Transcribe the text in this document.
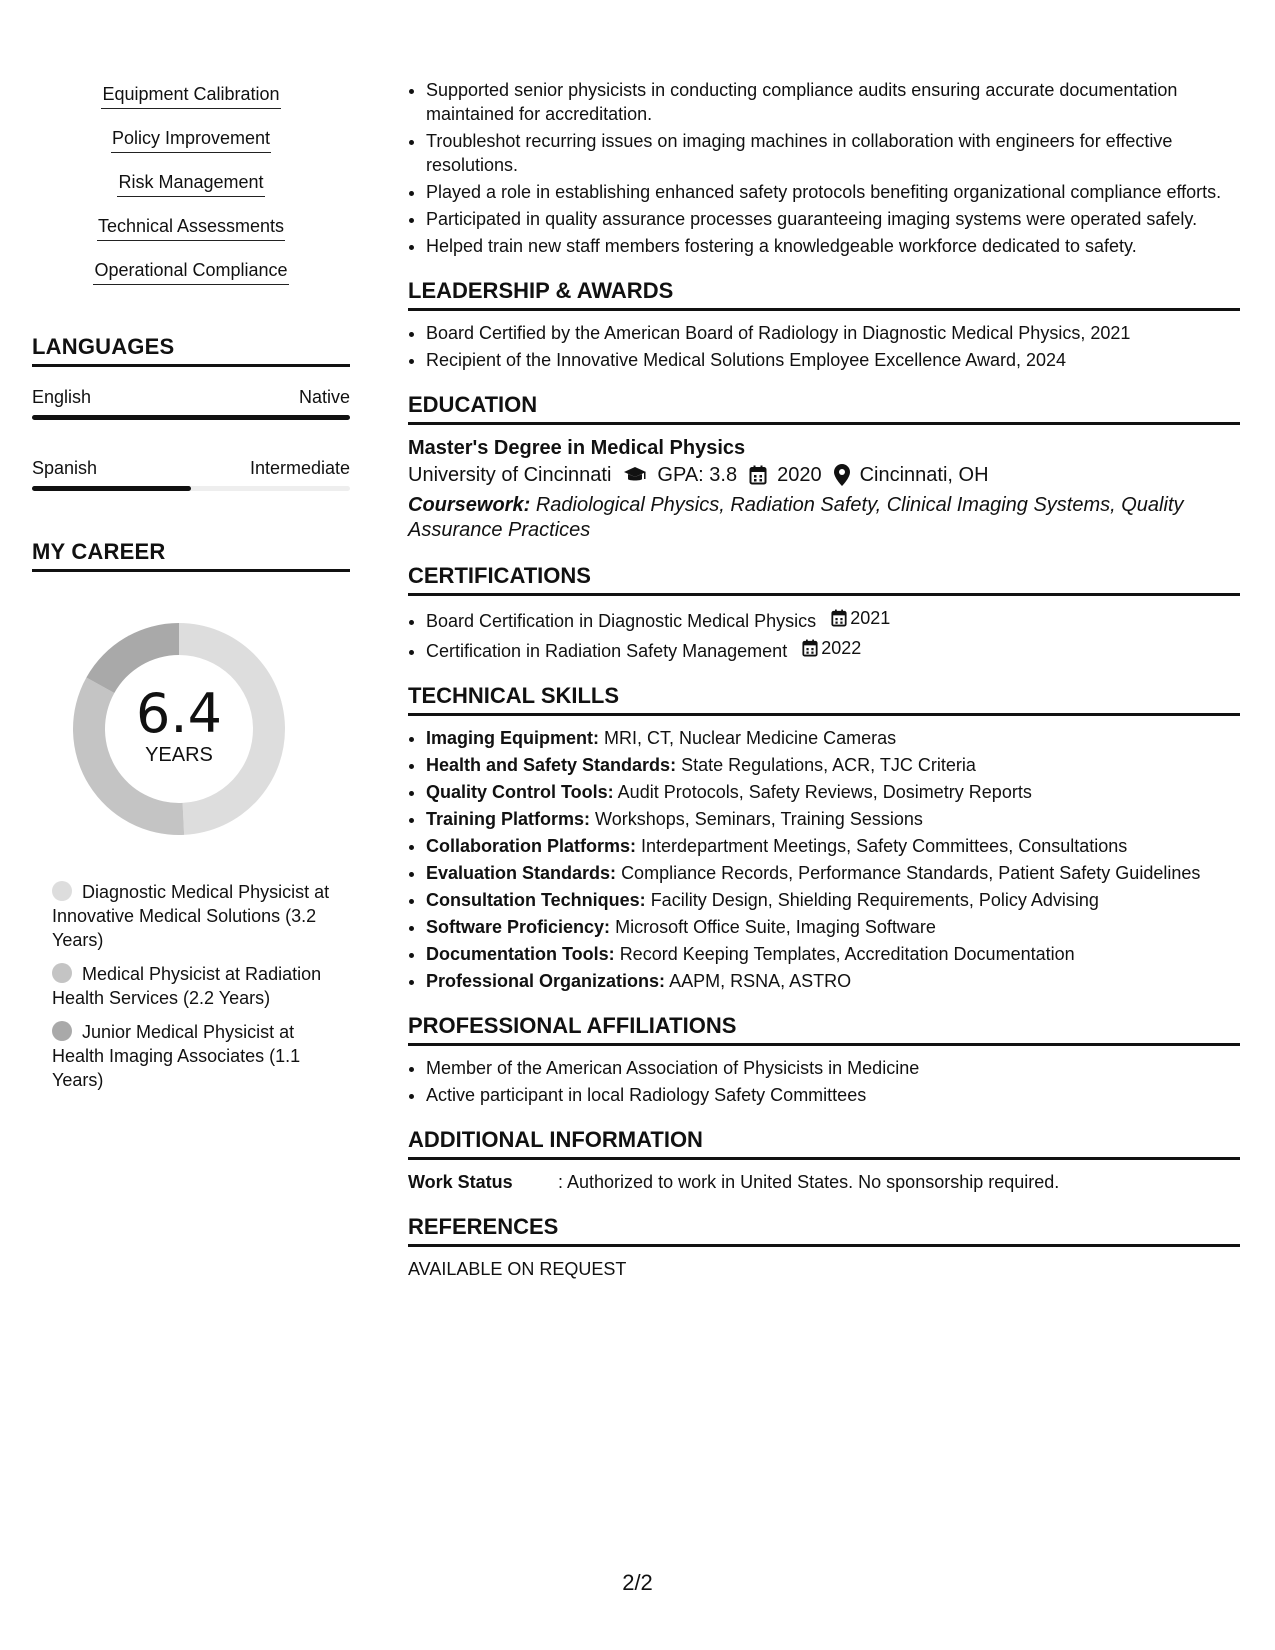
Equipment Calibration
Policy Improvement
Risk Management
Technical Assessments
Operational Compliance
LANGUAGES
English	Native
Spanish	Intermediate
MY CAREER
6.4
YEARS
Diagnostic Medical Physicist at Innovative Medical Solutions (3.2 Years)
Medical Physicist at Radiation Health Services (2.2 Years)
Junior Medical Physicist at Health Imaging Associates (1.1 Years)
• Supported senior physicists in conducting compliance audits ensuring accurate documentation maintained for accreditation.
• Troubleshot recurring issues on imaging machines in collaboration with engineers for effective resolutions.
• Played a role in establishing enhanced safety protocols benefiting organizational compliance efforts.
• Participated in quality assurance processes guaranteeing imaging systems were operated safely.
• Helped train new staff members fostering a knowledgeable workforce dedicated to safety.
LEADERSHIP & AWARDS
• Board Certified by the American Board of Radiology in Diagnostic Medical Physics, 2021
• Recipient of the Innovative Medical Solutions Employee Excellence Award, 2024
EDUCATION
Master's Degree in Medical Physics
University of Cincinnati GPA: 3.8 2020 Cincinnati, OH
Coursework: Radiological Physics, Radiation Safety, Clinical Imaging Systems, Quality Assurance Practices
CERTIFICATIONS
• Board Certification in Diagnostic Medical Physics 2021
• Certification in Radiation Safety Management 2022
TECHNICAL SKILLS
• Imaging Equipment: MRI, CT, Nuclear Medicine Cameras
• Health and Safety Standards: State Regulations, ACR, TJC Criteria
• Quality Control Tools: Audit Protocols, Safety Reviews, Dosimetry Reports
• Training Platforms: Workshops, Seminars, Training Sessions
• Collaboration Platforms: Interdepartment Meetings, Safety Committees, Consultations
• Evaluation Standards: Compliance Records, Performance Standards, Patient Safety Guidelines
• Consultation Techniques: Facility Design, Shielding Requirements, Policy Advising
• Software Proficiency: Microsoft Office Suite, Imaging Software
• Documentation Tools: Record Keeping Templates, Accreditation Documentation
• Professional Organizations: AAPM, RSNA, ASTRO
PROFESSIONAL AFFILIATIONS
• Member of the American Association of Physicists in Medicine
• Active participant in local Radiology Safety Committees
ADDITIONAL INFORMATION
Work Status	: Authorized to work in United States. No sponsorship required.
REFERENCES
AVAILABLE ON REQUEST
2/2
